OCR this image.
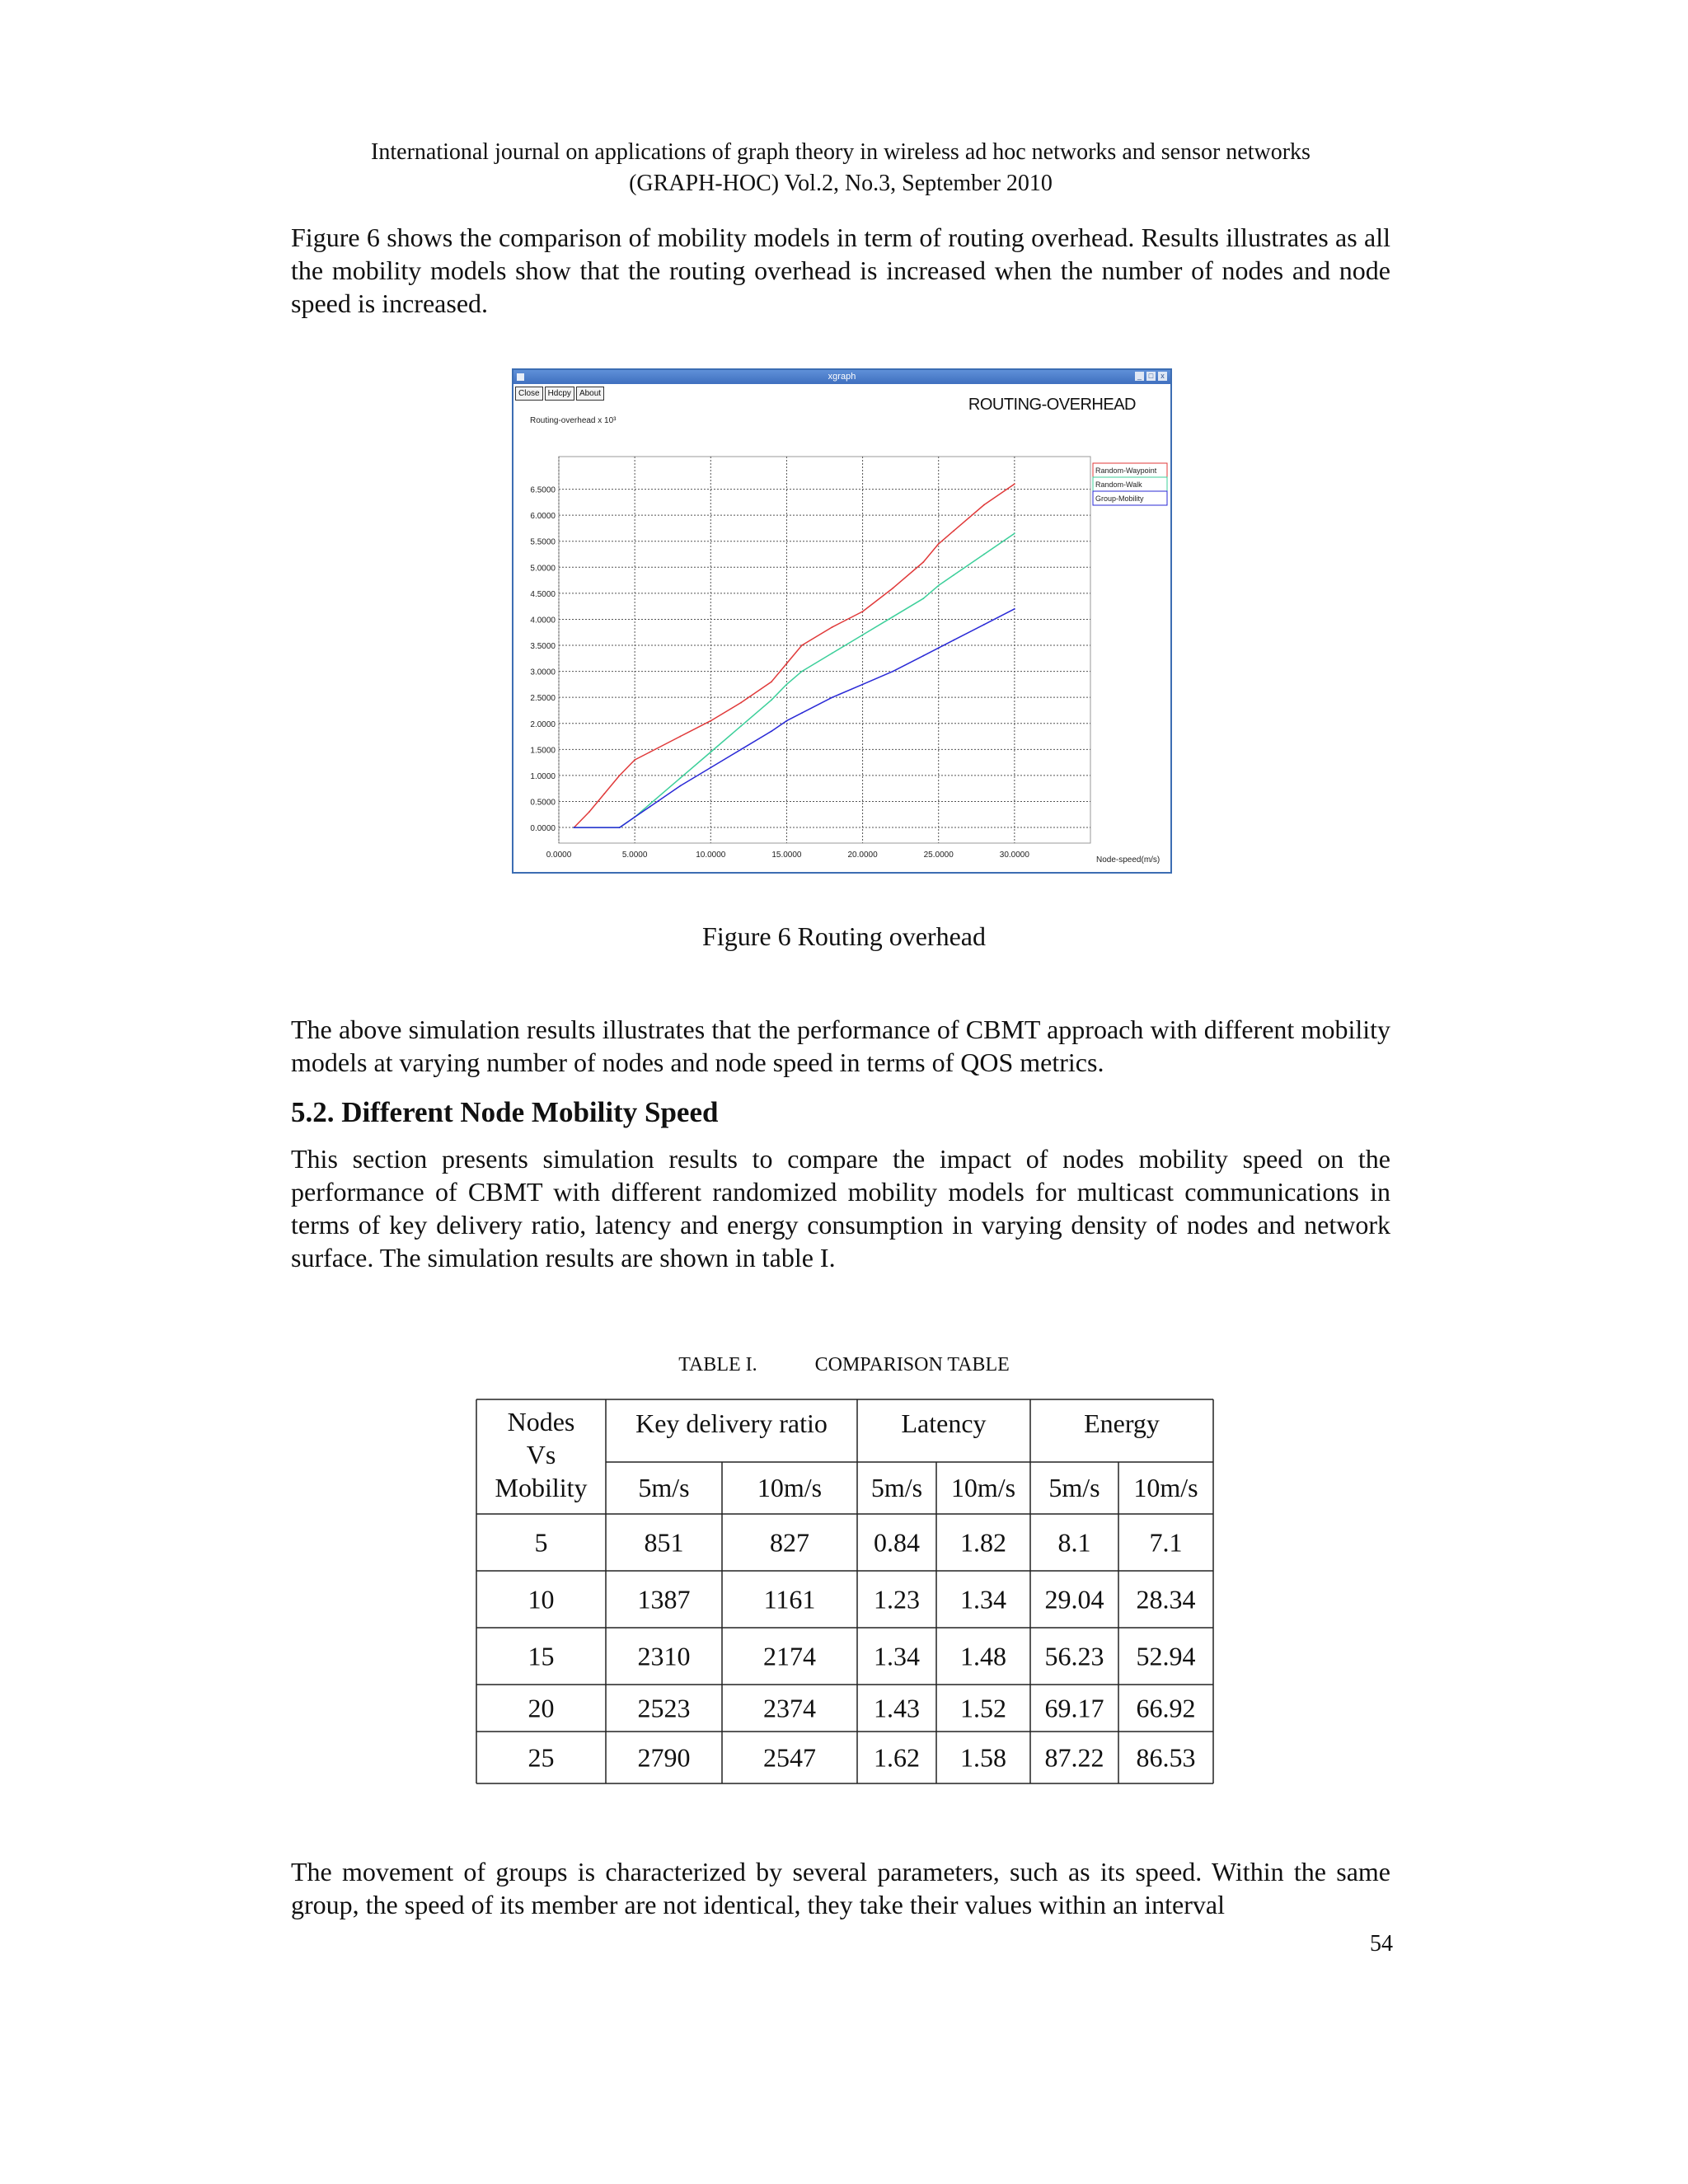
International journal on applications of graph theory in wireless ad hoc networks and sensor networks
(GRAPH-HOC) Vol.2, No.3, September 2010
Figure 6 shows the comparison of mobility models in term of routing overhead. Results illustrates as all the mobility models show that the routing overhead is increased when the number of nodes and node speed is increased.
xgraph	_ □	x
Close	Hdcpy	About
ROUTING-OVERHEAD
Routing-overhead x 10³
Node-speed(m/s)
0.0000
0.5000
1.0000
1.5000
2.0000
2.5000
3.0000
3.5000
4.0000
4.5000
5.0000
5.5000
6.0000
6.5000
0.0000	5.0000	10.0000	15.0000	20.0000	25.0000	30.0000
Random-Waypoint
Random-Walk
Group-Mobility
Figure 6 Routing overhead
The above simulation results illustrates that the performance of CBMT approach with different mobility models at varying number of nodes and node speed in terms of QOS metrics.
5.2. Different Node Mobility Speed
This section presents simulation results to compare the impact of nodes mobility speed on the performance of CBMT with different randomized mobility models for multicast communications in terms of key delivery ratio, latency and energy consumption in varying density of nodes and network surface. The simulation results are shown in table I.
TABLE I.	COMPARISON TABLE
Nodes
Vs
Mobility
Key delivery ratio	Latency	Energy
5m/s	10m/s 5m/s 10m/s 5m/s 10m/s
5	851	827 0.84 1.82 8.1 7.1
10	1387	1161 1.23 1.34 29.04 28.34
15	2310	2174 1.34 1.48 56.23 52.94
20	2523	2374 1.43 1.52 69.17 66.92
25	2790	2547 1.62 1.58 87.22 86.53
The movement of groups is characterized by several parameters, such as its speed. Within the same group, the speed of its member are not identical, they take their values within an interval
54
